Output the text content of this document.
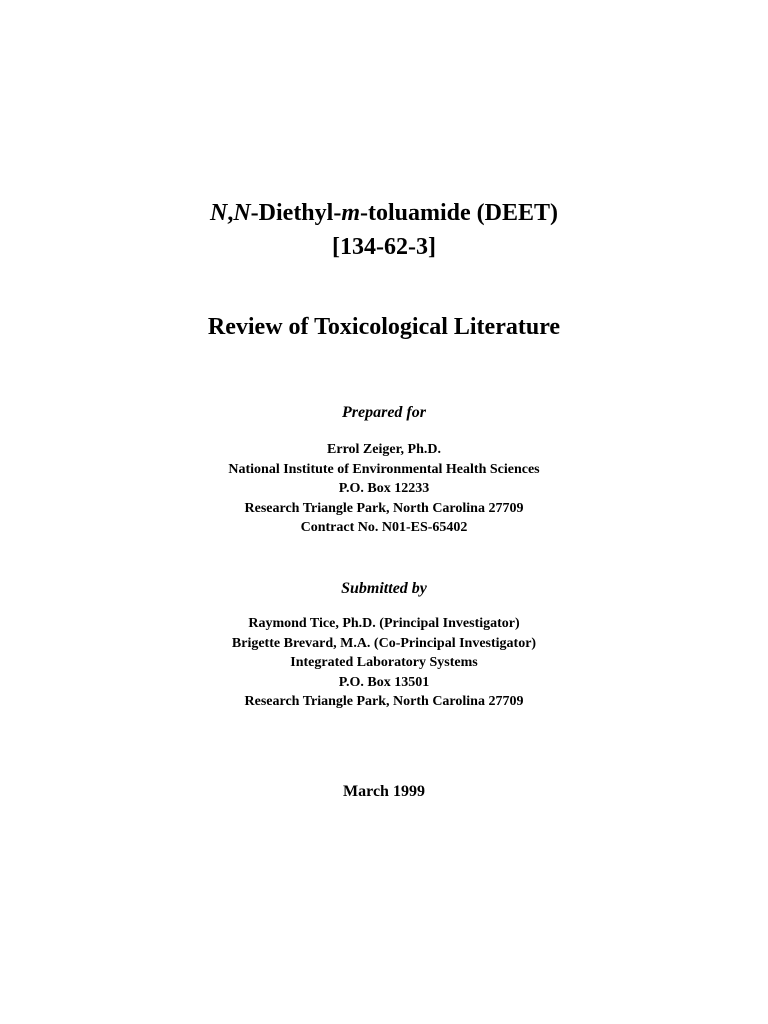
N,N-Diethyl-m-toluamide (DEET)
[134-62-3]
Review of Toxicological Literature
Prepared for
Errol Zeiger, Ph.D.
National Institute of Environmental Health Sciences
P.O. Box 12233
Research Triangle Park, North Carolina 27709
Contract No. N01-ES-65402
Submitted by
Raymond Tice, Ph.D. (Principal Investigator)
Brigette Brevard, M.A. (Co-Principal Investigator)
Integrated Laboratory Systems
P.O. Box 13501
Research Triangle Park, North Carolina 27709
March 1999
